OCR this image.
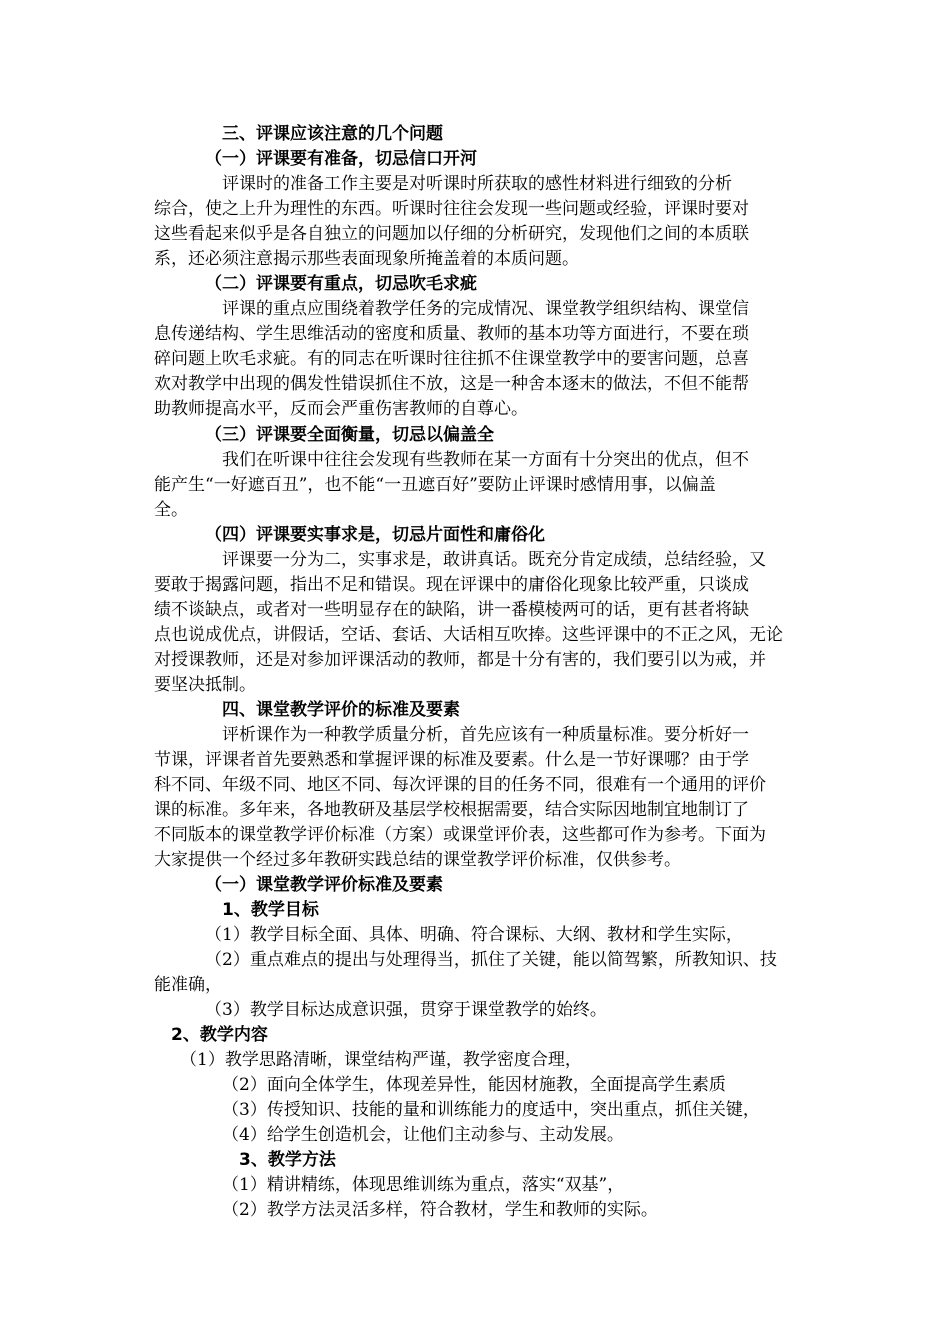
三、评课应该注意的几个问题
（一）评课要有准备，切忌信口开河
评课时的准备工作主要是对听课时所获取的感性材料进行细致的分析
综合，使之上升为理性的东西。听课时往往会发现一些问题或经验，评课时要对
这些看起来似乎是各自独立的问题加以仔细的分析研究，发现他们之间的本质联
系，还必须注意揭示那些表面现象所掩盖着的本质问题。
（二）评课要有重点，切忌吹毛求疵
评课的重点应围绕着教学任务的完成情况、课堂教学组织结构、课堂信
息传递结构、学生思维活动的密度和质量、教师的基本功等方面进行，不要在琐
碎问题上吹毛求疵。有的同志在听课时往往抓不住课堂教学中的要害问题，总喜
欢对教学中出现的偶发性错误抓住不放，这是一种舍本逐末的做法，不但不能帮
助教师提高水平，反而会严重伤害教师的自尊心。
（三）评课要全面衡量，切忌以偏盖全
我们在听课中往往会发现有些教师在某一方面有十分突出的优点，但不
能产生“一好遮百丑”，也不能“一丑遮百好”要防止评课时感情用事，以偏盖
全。
（四）评课要实事求是，切忌片面性和庸俗化
评课要一分为二，实事求是，敢讲真话。既充分肯定成绩，总结经验，又
要敢于揭露问题，指出不足和错误。现在评课中的庸俗化现象比较严重，只谈成
绩不谈缺点，或者对一些明显存在的缺陷，讲一番模棱两可的话，更有甚者将缺
点也说成优点，讲假话，空话、套话、大话相互吹捧。这些评课中的不正之风，无论
对授课教师，还是对参加评课活动的教师，都是十分有害的，我们要引以为戒，并
要坚决抵制。
四、课堂教学评价的标准及要素
评析课作为一种教学质量分析，首先应该有一种质量标准。要分析好一
节课，评课者首先要熟悉和掌握评课的标准及要素。什么是一节好课哪？由于学
科不同、年级不同、地区不同、每次评课的目的任务不同，很难有一个通用的评价
课的标准。多年来，各地教研及基层学校根据需要，结合实际因地制宜地制订了
不同版本的课堂教学评价标准（方案）或课堂评价表，这些都可作为参考。下面为
大家提供一个经过多年教研实践总结的课堂教学评价标准，仅供参考。
（一）课堂教学评价标准及要素
1、教学目标
（1）教学目标全面、具体、明确、符合课标、大纲、教材和学生实际，
（2）重点难点的提出与处理得当，抓住了关键，能以简驾繁，所教知识、技
能准确，
（3）教学目标达成意识强，贯穿于课堂教学的始终。
2、教学内容
（1）教学思路清晰，课堂结构严谨，教学密度合理，
（2）面向全体学生，体现差异性，能因材施教，全面提高学生素质
（3）传授知识、技能的量和训练能力的度适中，突出重点，抓住关键，
（4）给学生创造机会，让他们主动参与、主动发展。
3、教学方法
（1）精讲精练，体现思维训练为重点，落实“双基”，
（2）教学方法灵活多样，符合教材，学生和教师的实际。
